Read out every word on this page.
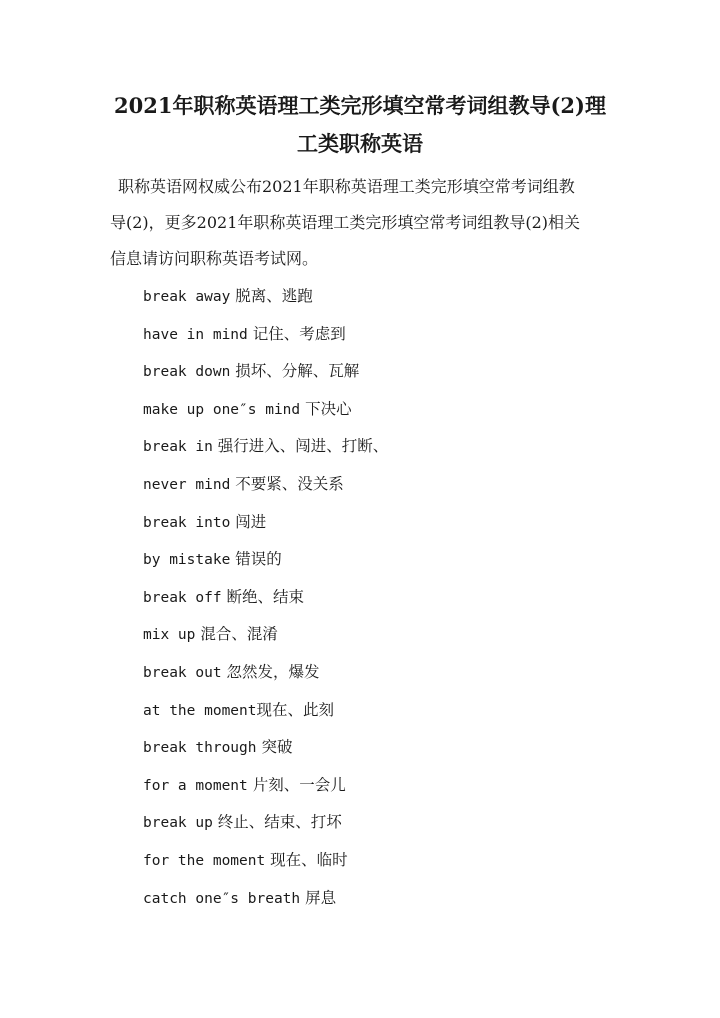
2021年职称英语理工类完形填空常考词组教导(2)理
工类职称英语
职称英语网权威公布2021年职称英语理工类完形填空常考词组教
导(2)，更多2021年职称英语理工类完形填空常考词组教导(2)相关
信息请访问职称英语考试网。
break away 脱离、逃跑
have in mind 记住、考虑到
break down 损坏、分解、瓦解
make up one″s mind 下决心
break in 强行进入、闯进、打断、
never mind 不要紧、没关系
break into 闯进
by mistake 错误的
break off 断绝、结束
mix up 混合、混淆
break out 忽然发，爆发
at the moment现在、此刻
break through 突破
for a moment 片刻、一会儿
break up 终止、结束、打坏
for the moment 现在、临时
catch one″s breath 屏息
